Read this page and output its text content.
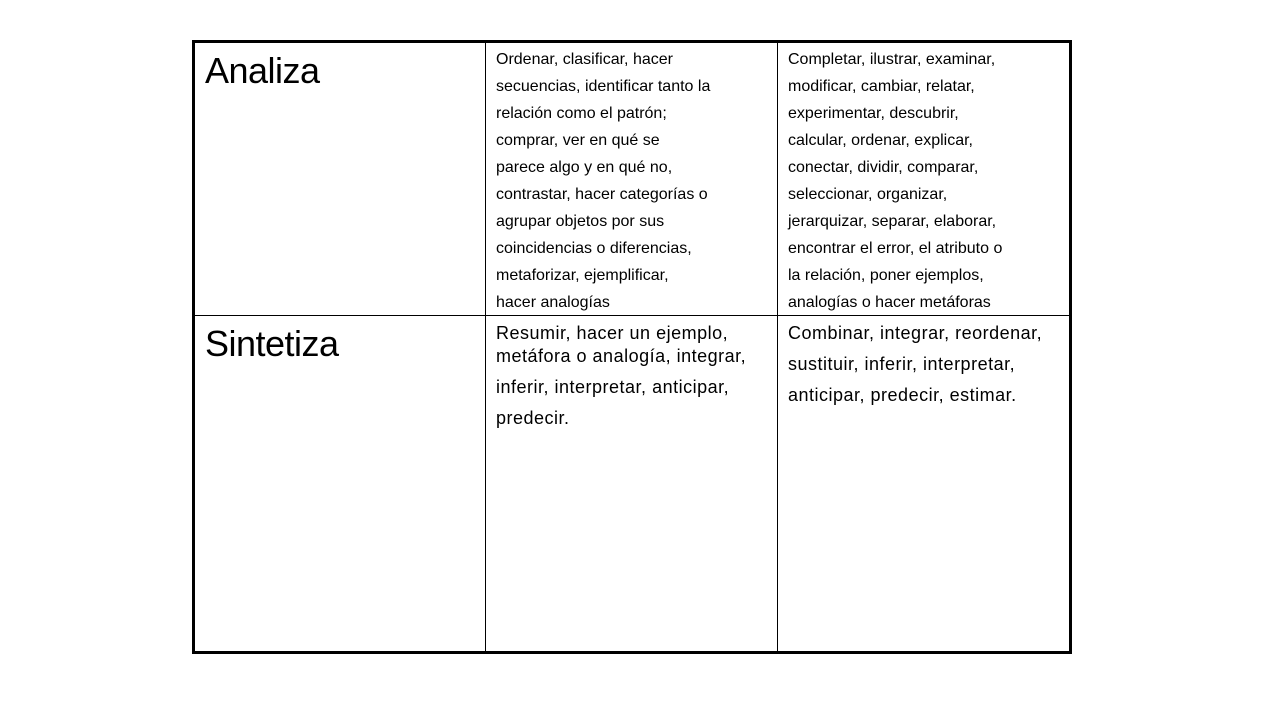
Analiza	Ordenar, clasificar, hacer
secuencias, identificar tanto la
relación como el patrón;
comprar, ver en qué se
parece algo y en qué no,
contrastar, hacer categorías o
agrupar objetos por sus
coincidencias o diferencias,
metaforizar, ejemplificar,
hacer analogías
Completar, ilustrar, examinar,
modificar, cambiar, relatar,
experimentar, descubrir,
calcular, ordenar, explicar,
conectar, dividir, comparar,
seleccionar, organizar,
jerarquizar, separar, elaborar,
encontrar el error, el atributo o
la relación, poner ejemplos,
analogías o hacer metáforas
Sintetiza	Resumir, hacer un ejemplo, metáfora o analogía, integrar,
inferir, interpretar, anticipar,
predecir.
Combinar, integrar, reordenar,
sustituir, inferir, interpretar,
anticipar, predecir, estimar.
